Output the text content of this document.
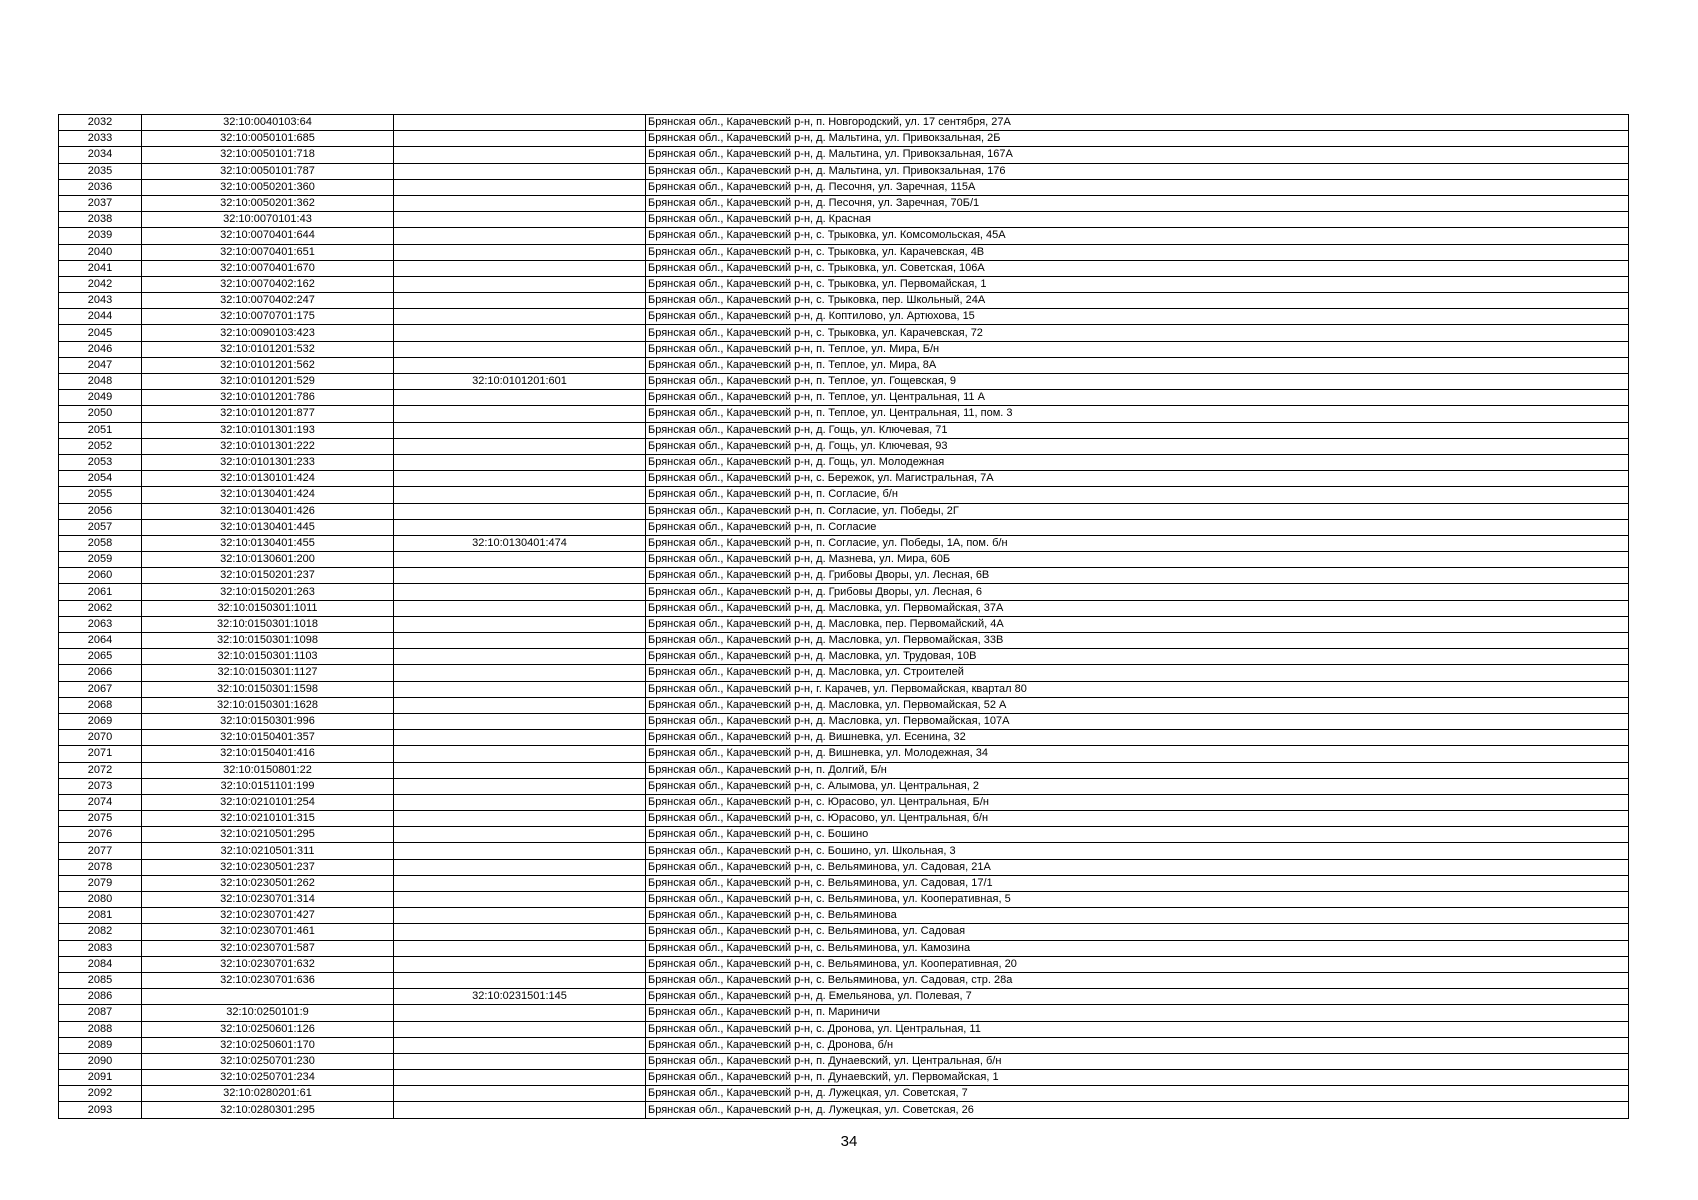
2032	32:10:0040103:64		Брянская обл., Карачевский р-н, п. Новгородский, ул. 17 сентября, 27А
2033	32:10:0050101:685		Брянская обл., Карачевский р-н, д. Мальтина, ул. Привокзальная, 2Б
2034	32:10:0050101:718		Брянская обл., Карачевский р-н, д. Мальтина, ул. Привокзальная, 167А
2035	32:10:0050101:787		Брянская обл., Карачевский р-н, д. Мальтина, ул. Привокзальная, 176
2036	32:10:0050201:360		Брянская обл., Карачевский р-н, д. Песочня, ул. Заречная, 115А
2037	32:10:0050201:362		Брянская обл., Карачевский р-н, д. Песочня, ул. Заречная, 70Б/1
2038	32:10:0070101:43		Брянская обл., Карачевский р-н, д. Красная
2039	32:10:0070401:644		Брянская обл., Карачевский р-н, с. Трыковка, ул. Комсомольская, 45А
2040	32:10:0070401:651		Брянская обл., Карачевский р-н, с. Трыковка, ул. Карачевская, 4В
2041	32:10:0070401:670		Брянская обл., Карачевский р-н, с. Трыковка, ул. Советская, 106А
2042	32:10:0070402:162		Брянская обл., Карачевский р-н, с. Трыковка, ул. Первомайская, 1
2043	32:10:0070402:247		Брянская обл., Карачевский р-н, с. Трыковка, пер. Школьный, 24А
2044	32:10:0070701:175		Брянская обл., Карачевский р-н, д. Коптилово, ул. Артюхова, 15
2045	32:10:0090103:423		Брянская обл., Карачевский р-н, с. Трыковка, ул. Карачевская, 72
2046	32:10:0101201:532		Брянская обл., Карачевский р-н, п. Теплое, ул. Мира, Б/н
2047	32:10:0101201:562		Брянская обл., Карачевский р-н, п. Теплое, ул. Мира, 8А
2048	32:10:0101201:529	32:10:0101201:601	Брянская обл., Карачевский р-н, п. Теплое, ул. Гощевская, 9
2049	32:10:0101201:786		Брянская обл., Карачевский р-н, п. Теплое, ул. Центральная, 11 А
2050	32:10:0101201:877		Брянская обл., Карачевский р-н, п. Теплое, ул. Центральная, 11, пом. 3
2051	32:10:0101301:193		Брянская обл., Карачевский р-н, д. Гощь, ул. Ключевая, 71
2052	32:10:0101301:222		Брянская обл., Карачевский р-н, д. Гощь, ул. Ключевая, 93
2053	32:10:0101301:233		Брянская обл., Карачевский р-н, д. Гощь, ул. Молодежная
2054	32:10:0130101:424		Брянская обл., Карачевский р-н, с. Бережок, ул. Магистральная, 7А
2055	32:10:0130401:424		Брянская обл., Карачевский р-н, п. Согласие, б/н
2056	32:10:0130401:426		Брянская обл., Карачевский р-н, п. Согласие, ул. Победы, 2Г
2057	32:10:0130401:445		Брянская обл., Карачевский р-н, п. Согласие
2058	32:10:0130401:455	32:10:0130401:474	Брянская обл., Карачевский р-н, п. Согласие, ул. Победы, 1А, пом. б/н
2059	32:10:0130601:200		Брянская обл., Карачевский р-н, д. Мазнева, ул. Мира, 60Б
2060	32:10:0150201:237		Брянская обл., Карачевский р-н, д. Грибовы Дворы, ул. Лесная, 6В
2061	32:10:0150201:263		Брянская обл., Карачевский р-н, д. Грибовы Дворы, ул. Лесная, 6
2062	32:10:0150301:1011		Брянская обл., Карачевский р-н, д. Масловка, ул. Первомайская, 37А
2063	32:10:0150301:1018		Брянская обл., Карачевский р-н, д. Масловка, пер. Первомайский, 4А
2064	32:10:0150301:1098		Брянская обл., Карачевский р-н, д. Масловка, ул. Первомайская, 33В
2065	32:10:0150301:1103		Брянская обл., Карачевский р-н, д. Масловка, ул. Трудовая, 10В
2066	32:10:0150301:1127		Брянская обл., Карачевский р-н, д. Масловка, ул. Строителей
2067	32:10:0150301:1598		Брянская обл., Карачевский р-н, г. Карачев, ул. Первомайская, квартал 80
2068	32:10:0150301:1628		Брянская обл., Карачевский р-н, д. Масловка, ул. Первомайская, 52 А
2069	32:10:0150301:996		Брянская обл., Карачевский р-н, д. Масловка, ул. Первомайская, 107А
2070	32:10:0150401:357		Брянская обл., Карачевский р-н, д. Вишневка, ул. Есенина, 32
2071	32:10:0150401:416		Брянская обл., Карачевский р-н, д. Вишневка, ул. Молодежная, 34
2072	32:10:0150801:22		Брянская обл., Карачевский р-н, п. Долгий, Б/н
2073	32:10:0151101:199		Брянская обл., Карачевский р-н, с. Алымова, ул. Центральная, 2
2074	32:10:0210101:254		Брянская обл., Карачевский р-н, с. Юрасово, ул. Центральная, Б/н
2075	32:10:0210101:315		Брянская обл., Карачевский р-н, с. Юрасово, ул. Центральная, б/н
2076	32:10:0210501:295		Брянская обл., Карачевский р-н, с. Бошино
2077	32:10:0210501:311		Брянская обл., Карачевский р-н, с. Бошино, ул. Школьная, 3
2078	32:10:0230501:237		Брянская обл., Карачевский р-н, с. Вельяминова, ул. Садовая, 21А
2079	32:10:0230501:262		Брянская обл., Карачевский р-н, с. Вельяминова, ул. Садовая, 17/1
2080	32:10:0230701:314		Брянская обл., Карачевский р-н, с. Вельяминова, ул. Кооперативная, 5
2081	32:10:0230701:427		Брянская обл., Карачевский р-н, с. Вельяминова
2082	32:10:0230701:461		Брянская обл., Карачевский р-н, с. Вельяминова, ул. Садовая
2083	32:10:0230701:587		Брянская обл., Карачевский р-н, с. Вельяминова, ул. Камозина
2084	32:10:0230701:632		Брянская обл., Карачевский р-н, с. Вельяминова, ул. Кооперативная, 20
2085	32:10:0230701:636		Брянская обл., Карачевский р-н, с. Вельяминова, ул. Садовая, стр. 28а
2086		32:10:0231501:145	Брянская обл., Карачевский р-н, д. Емельянова, ул. Полевая, 7
2087	32:10:0250101:9		Брянская обл., Карачевский р-н, п. Мариничи
2088	32:10:0250601:126		Брянская обл., Карачевский р-н, с. Дронова, ул. Центральная, 11
2089	32:10:0250601:170		Брянская обл., Карачевский р-н, с. Дронова, б/н
2090	32:10:0250701:230		Брянская обл., Карачевский р-н, п. Дунаевский, ул. Центральная, б/н
2091	32:10:0250701:234		Брянская обл., Карачевский р-н, п. Дунаевский, ул. Первомайская, 1
2092	32:10:0280201:61		Брянская обл., Карачевский р-н, д. Лужецкая, ул. Советская, 7
2093	32:10:0280301:295		Брянская обл., Карачевский р-н, д. Лужецкая, ул. Советская, 26
34
